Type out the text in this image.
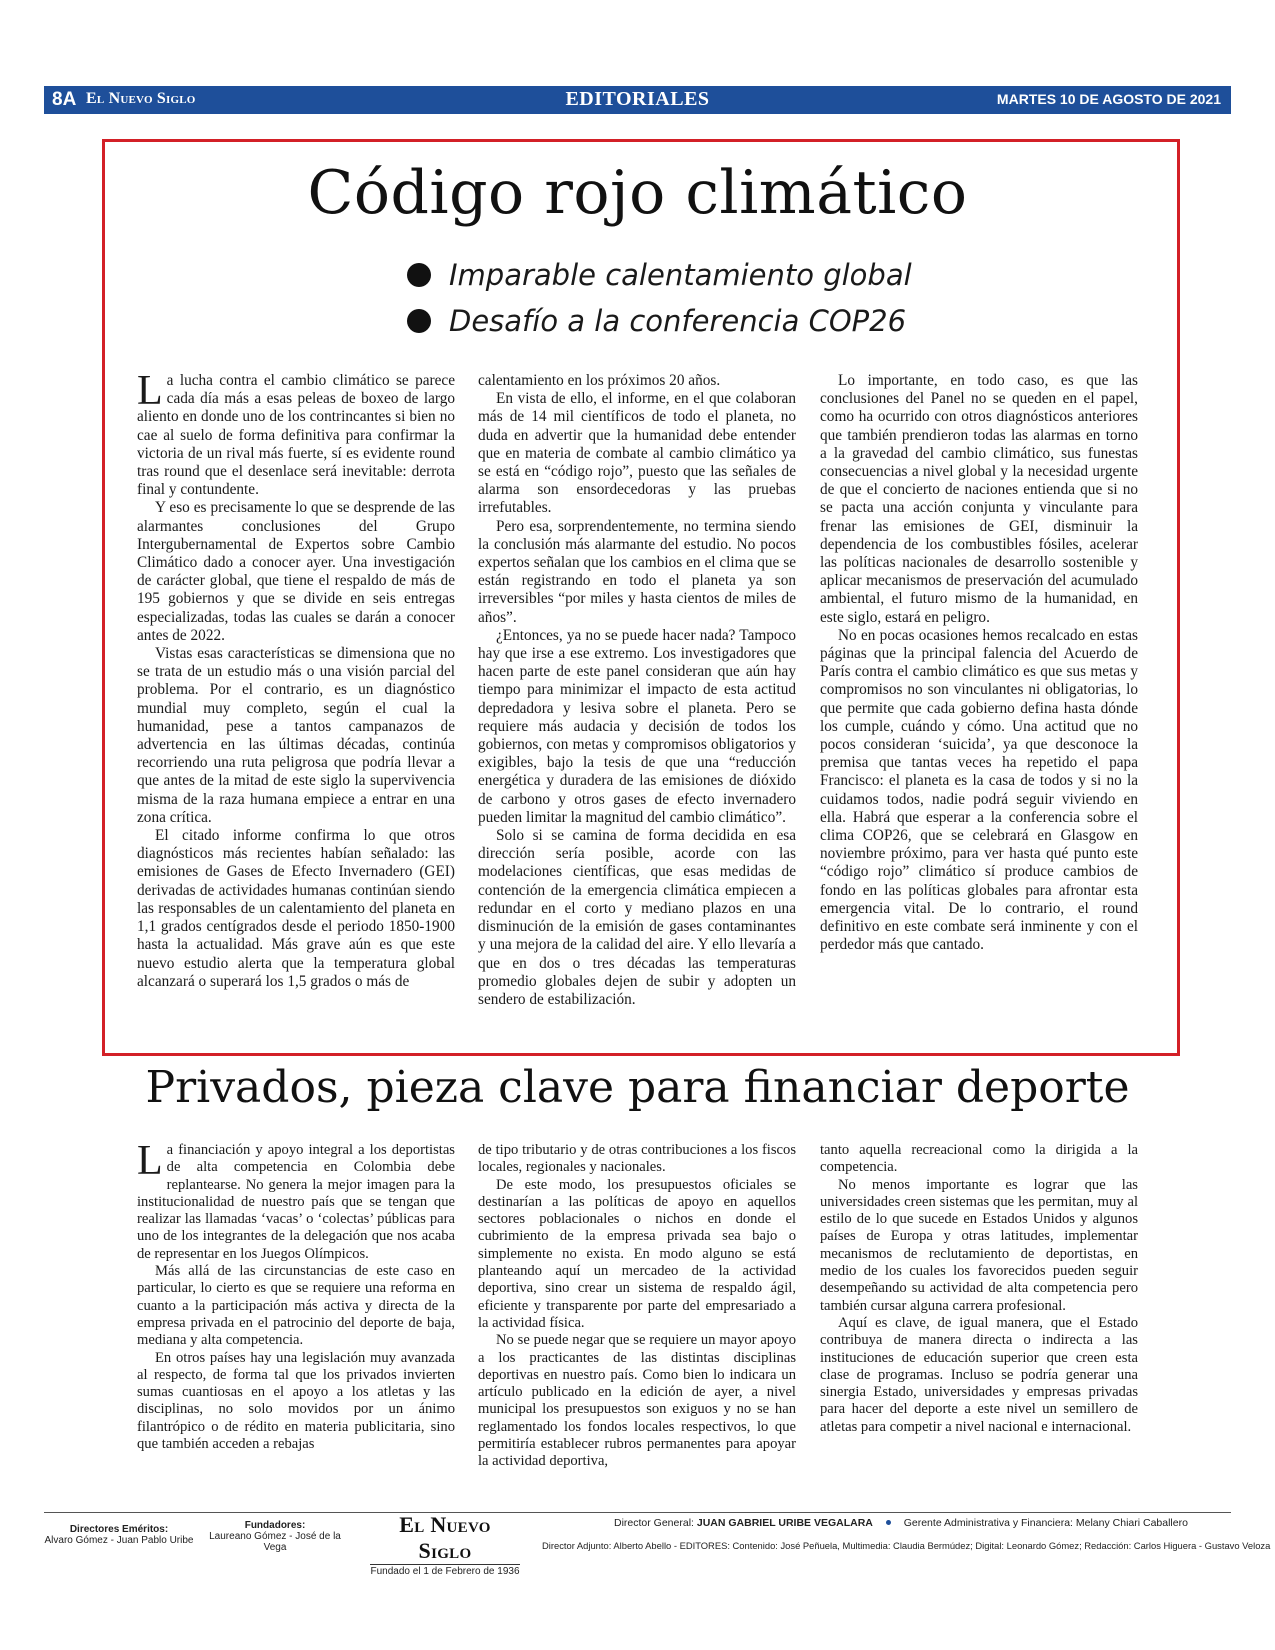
8A El Nuevo Siglo	EDITORIALES	MARTES 10 DE AGOSTO DE 2021
Código rojo climático
Imparable calentamiento global
Desafío a la conferencia COP26

La lucha contra el cambio climático se parece cada día más a esas peleas de boxeo de largo aliento en donde uno de los contrincantes si bien no cae al suelo de forma definitiva para confirmar la victoria de un rival más fuerte, sí es evidente round tras round que el desenlace será inevitable: derrota final y contundente.

Y eso es precisamente lo que se desprende de las alarmantes conclusiones del Grupo Intergubernamental de Expertos sobre Cambio Climático dado a conocer ayer. Una investigación de carácter global, que tiene el respaldo de más de 195 gobiernos y que se divide en seis entregas especializadas, todas las cuales se darán a conocer antes de 2022.

Vistas esas características se dimensiona que no se trata de un estudio más o una visión parcial del problema. Por el contrario, es un diagnóstico mundial muy completo, según el cual la humanidad, pese a tantos campanazos de advertencia en las últimas décadas, continúa recorriendo una ruta peligrosa que podría llevar a que antes de la mitad de este siglo la supervivencia misma de la raza humana empiece a entrar en una zona crítica.

El citado informe confirma lo que otros diagnósticos más recientes habían señalado: las emisiones de Gases de Efecto Invernadero (GEI) derivadas de actividades humanas continúan siendo las responsables de un calentamiento del planeta en 1,1 grados centígrados desde el periodo 1850-1900 hasta la actualidad. Más grave aún es que este nuevo estudio alerta que la temperatura global alcanzará o superará los 1,5 grados o más de

calentamiento en los próximos 20 años.

En vista de ello, el informe, en el que colaboran más de 14 mil científicos de todo el planeta, no duda en advertir que la humanidad debe entender que en materia de combate al cambio climático ya se está en “código rojo”, puesto que las señales de alarma son ensordecedoras y las pruebas irrefutables.

Pero esa, sorprendentemente, no termina siendo la conclusión más alarmante del estudio. No pocos expertos señalan que los cambios en el clima que se están registrando en todo el planeta ya son irreversibles “por miles y hasta cientos de miles de años”.

¿Entonces, ya no se puede hacer nada? Tampoco hay que irse a ese extremo. Los investigadores que hacen parte de este panel consideran que aún hay tiempo para minimizar el impacto de esta actitud depredadora y lesiva sobre el planeta. Pero se requiere más audacia y decisión de todos los gobiernos, con metas y compromisos obligatorios y exigibles, bajo la tesis de que una “reducción energética y duradera de las emisiones de dióxido de carbono y otros gases de efecto invernadero pueden limitar la magnitud del cambio climático”.

Solo si se camina de forma decidida en esa dirección sería posible, acorde con las modelaciones científicas, que esas medidas de contención de la emergencia climática empiecen a redundar en el corto y mediano plazos en una disminución de la emisión de gases contaminantes y una mejora de la calidad del aire. Y ello llevaría a que en dos o tres décadas las temperaturas promedio globales dejen de subir y adopten un sendero de estabilización.

Lo importante, en todo caso, es que las conclusiones del Panel no se queden en el papel, como ha ocurrido con otros diagnósticos anteriores que también prendieron todas las alarmas en torno a la gravedad del cambio climático, sus funestas consecuencias a nivel global y la necesidad urgente de que el concierto de naciones entienda que si no se pacta una acción conjunta y vinculante para frenar las emisiones de GEI, disminuir la dependencia de los combustibles fósiles, acelerar las políticas nacionales de desarrollo sostenible y aplicar mecanismos de preservación del acumulado ambiental, el futuro mismo de la humanidad, en este siglo, estará en peligro.

No en pocas ocasiones hemos recalcado en estas páginas que la principal falencia del Acuerdo de París contra el cambio climático es que sus metas y compromisos no son vinculantes ni obligatorias, lo que permite que cada gobierno defina hasta dónde los cumple, cuándo y cómo. Una actitud que no pocos consideran ‘suicida’, ya que desconoce la premisa que tantas veces ha repetido el papa Francisco: el planeta es la casa de todos y si no la cuidamos todos, nadie podrá seguir viviendo en ella. Habrá que esperar a la conferencia sobre el clima COP26, que se celebrará en Glasgow en noviembre próximo, para ver hasta qué punto este “código rojo” climático sí produce cambios de fondo en las políticas globales para afrontar esta emergencia vital. De lo contrario, el round definitivo en este combate será inminente y con el perdedor más que cantado.

Privados, pieza clave para financiar deporte

La financiación y apoyo integral a los deportistas de alta competencia en Colombia debe replantearse. No genera la mejor imagen para la institucionalidad de nuestro país que se tengan que realizar las llamadas ‘vacas’ o ‘colectas’ públicas para uno de los integrantes de la delegación que nos acaba de representar en los Juegos Olímpicos.

Más allá de las circunstancias de este caso en particular, lo cierto es que se requiere una reforma en cuanto a la participación más activa y directa de la empresa privada en el patrocinio del deporte de baja, mediana y alta competencia.

En otros países hay una legislación muy avanzada al respecto, de forma tal que los privados invierten sumas cuantiosas en el apoyo a los atletas y las disciplinas, no solo movidos por un ánimo filantrópico o de rédito en materia publicitaria, sino que también acceden a rebajas

de tipo tributario y de otras contribuciones a los fiscos locales, regionales y nacionales.

De este modo, los presupuestos oficiales se destinarían a las políticas de apoyo en aquellos sectores poblacionales o nichos en donde el cubrimiento de la empresa privada sea bajo o simplemente no exista. En modo alguno se está planteando aquí un mercadeo de la actividad deportiva, sino crear un sistema de respaldo ágil, eficiente y transparente por parte del empresariado a la actividad física.

No se puede negar que se requiere un mayor apoyo a los practicantes de las distintas disciplinas deportivas en nuestro país. Como bien lo indicara un artículo publicado en la edición de ayer, a nivel municipal los presupuestos son exiguos y no se han reglamentado los fondos locales respectivos, lo que permitiría establecer rubros permanentes para apoyar la actividad deportiva,

tanto aquella recreacional como la dirigida a la competencia.

No menos importante es lograr que las universidades creen sistemas que les permitan, muy al estilo de lo que sucede en Estados Unidos y algunos países de Europa y otras latitudes, implementar mecanismos de reclutamiento de deportistas, en medio de los cuales los favorecidos pueden seguir desempeñando su actividad de alta competencia pero también cursar alguna carrera profesional.

Aquí es clave, de igual manera, que el Estado contribuya de manera directa o indirecta a las instituciones de educación superior que creen esta clase de programas. Incluso se podría generar una sinergia Estado, universidades y empresas privadas para hacer del deporte a este nivel un semillero de atletas para competir a nivel nacional e internacional.

Directores Eméritos:
Alvaro Gómez - Juan Pablo Uribe
Fundadores:
Laureano Gómez - José de la Vega
El Nuevo Siglo
Fundado el 1 de Febrero de 1936
Director General: JUAN GABRIEL URIBE VEGALARA	Gerente Administrativa y Financiera: Melany Chiari Caballero
Director Adjunto: Alberto Abello - EDITORES: Contenido: José Peñuela, Multimedia: Claudia Bermúdez; Digital: Leonardo Gómez; Redacción: Carlos Higuera - Gustavo Veloza
